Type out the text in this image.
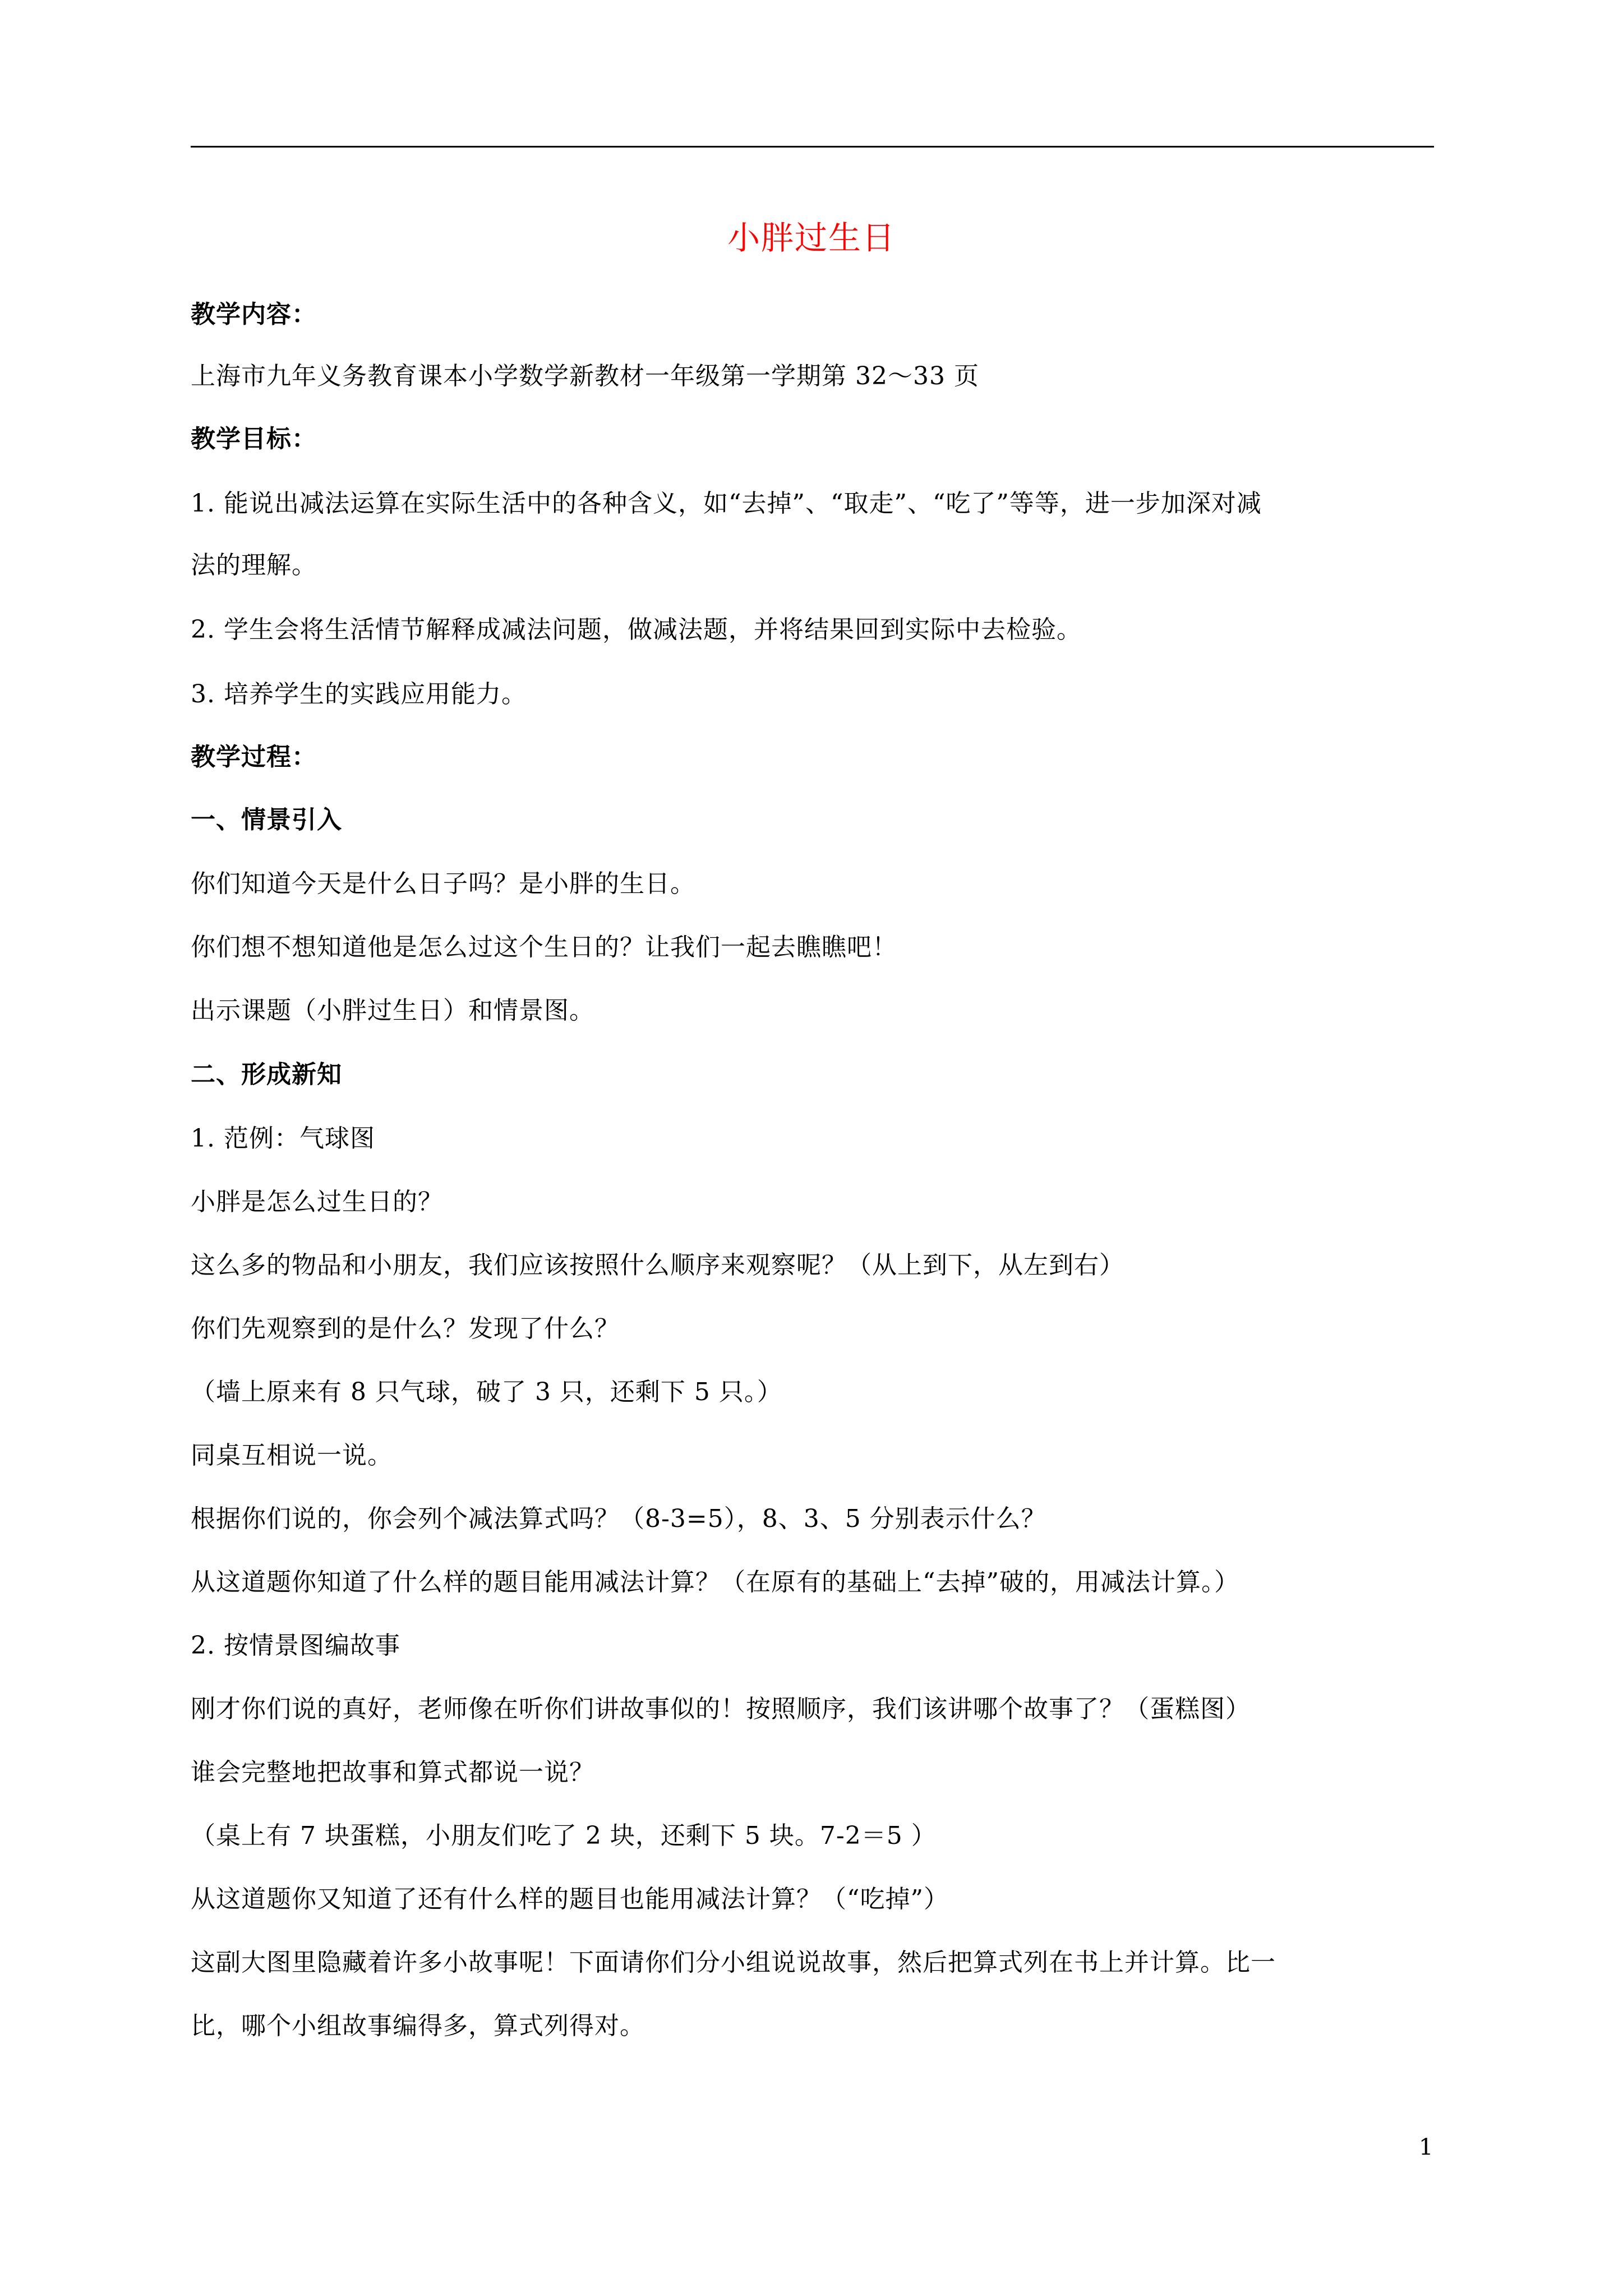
小胖过生日
教学内容：
上海市九年义务教育课本小学数学新教材一年级第一学期第 32～33 页
教学目标：
1. 能说出减法运算在实际生活中的各种含义，如“去掉”、“取走”、“吃了”等等，进一步加深对减
法的理解。
2. 学生会将生活情节解释成减法问题，做减法题，并将结果回到实际中去检验。
3. 培养学生的实践应用能力。
教学过程：
一、情景引入
你们知道今天是什么日子吗？是小胖的生日。
你们想不想知道他是怎么过这个生日的？让我们一起去瞧瞧吧！
出示课题（小胖过生日）和情景图。
二、形成新知
1. 范例：气球图
小胖是怎么过生日的？
这么多的物品和小朋友，我们应该按照什么顺序来观察呢？（从上到下，从左到右）
你们先观察到的是什么？发现了什么？
（墙上原来有 8 只气球，破了 3 只，还剩下 5 只。）
同桌互相说一说。
根据你们说的，你会列个减法算式吗？（8-3=5），8、3、5 分别表示什么？
从这道题你知道了什么样的题目能用减法计算？（在原有的基础上“去掉”破的，用减法计算。）
2. 按情景图编故事
刚才你们说的真好，老师像在听你们讲故事似的！按照顺序，我们该讲哪个故事了？（蛋糕图）
谁会完整地把故事和算式都说一说？
（桌上有 7 块蛋糕，小朋友们吃了 2 块，还剩下 5 块。7-2＝5 ）
从这道题你又知道了还有什么样的题目也能用减法计算？（“吃掉”）
这副大图里隐藏着许多小故事呢！下面请你们分小组说说故事，然后把算式列在书上并计算。比一
比，哪个小组故事编得多，算式列得对。
1
